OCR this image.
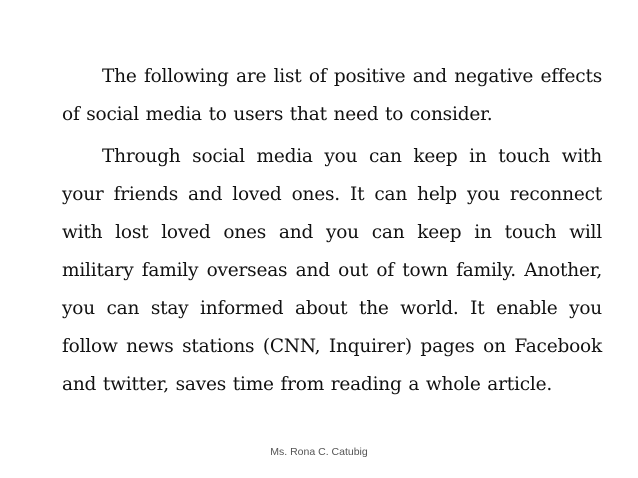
The following are list of positive and negative effects of social media to users that need to consider.

Through social media you can keep in touch with your friends and loved ones. It can help you reconnect with lost loved ones and you can keep in touch will military family overseas and out of town family. Another, you can stay informed about the world. It enable you follow news stations (CNN, Inquirer) pages on Facebook and twitter, saves time from reading a whole article.

Ms. Rona C. Catubig
